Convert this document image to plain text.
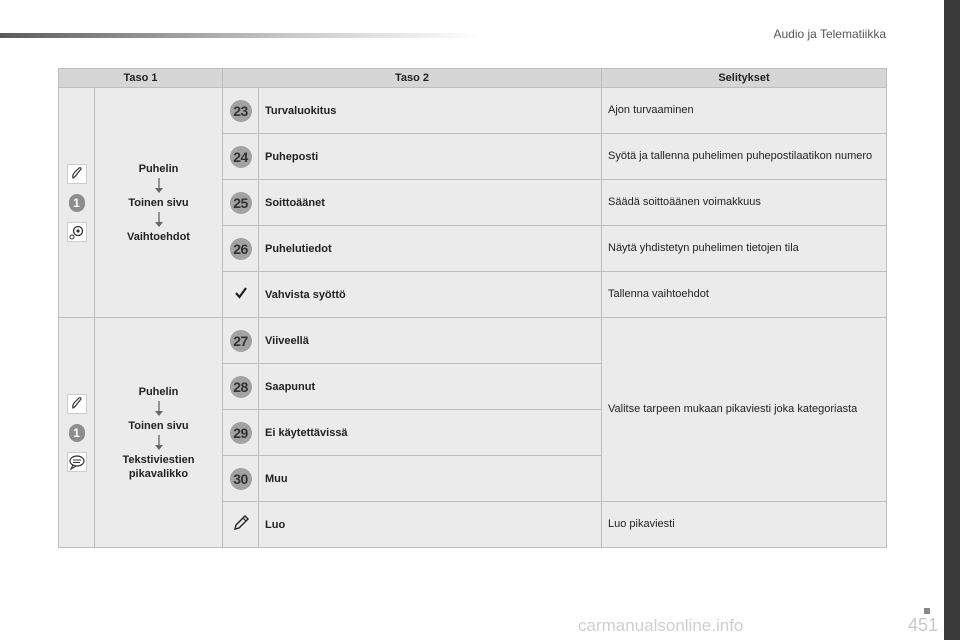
Audio ja Telematiikka
451
carmanualsonline.info
Taso 1		Taso 2		Selitykset

1	Puhelin
Toinen sivu
Vaihtoehdot	23	Turvaluokitus	Ajon turvaaminen
		24	Puheposti	Syötä ja tallenna puhelimen puhepostilaatikon numero
		25	Soittoäänet	Säädä soittoäänen voimakkuus
		26	Puhelutiedot	Näytä yhdistetyn puhelimen tietojen tila
	Vahvista syöttö	Tallenna vaihtoehdot

1	Puhelin
Toinen sivu
Tekstiviestien pikavalikko	27	Viiveellä	Valitse tarpeen mukaan pikaviesti joka kategoriasta
		28	Saapunut	
		29	Ei käytettävissä	
		30	Muu	
	Luo	Luo pikaviesti
